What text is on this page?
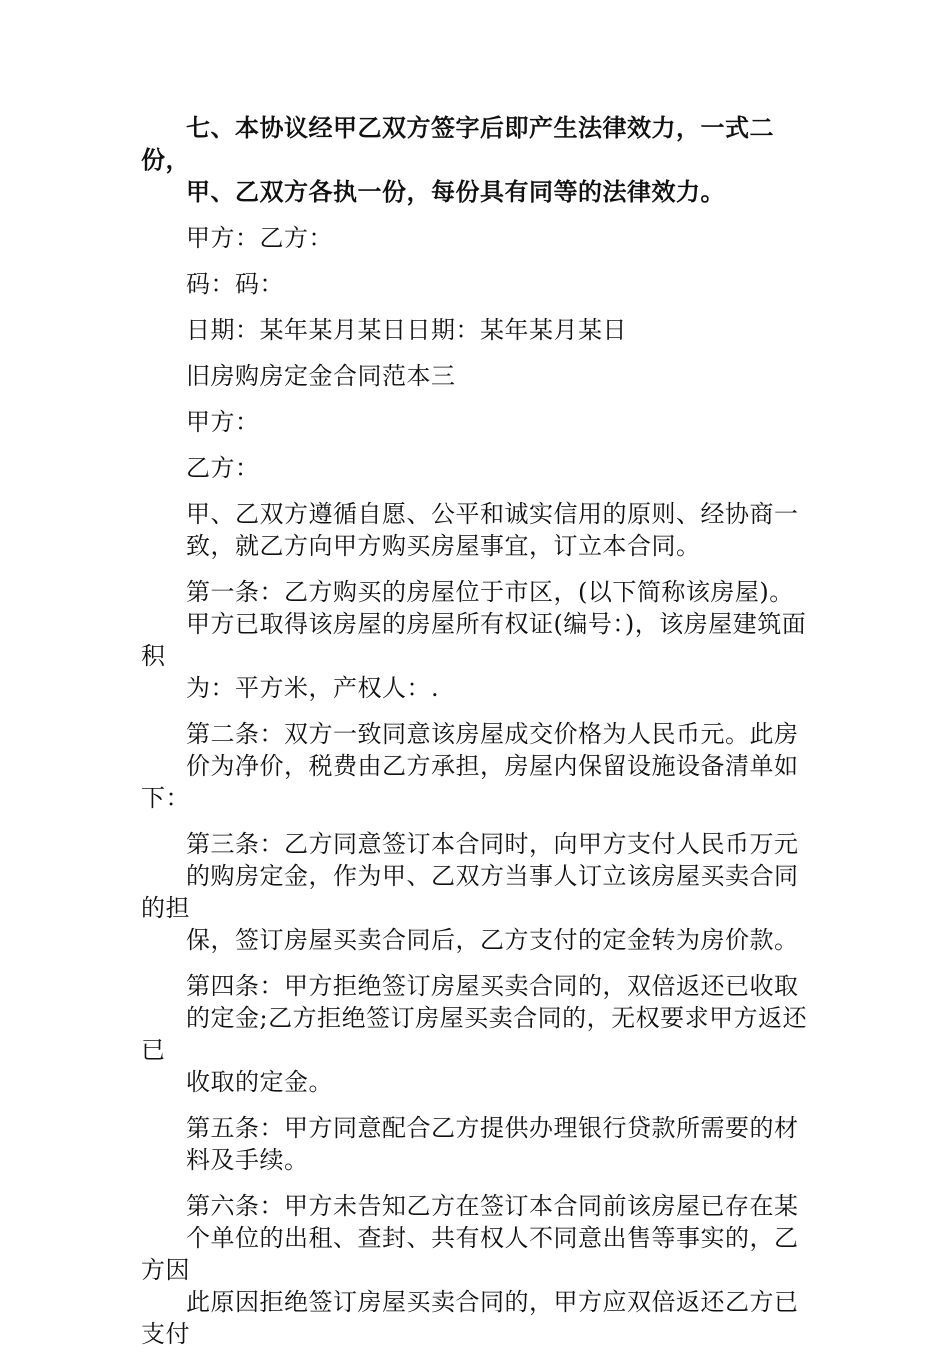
七、本协议经甲乙双方签字后即产生法律效力，一式二份，
甲、乙双方各执一份，每份具有同等的法律效力。

甲方：乙方：

码：码：

日期：某年某月某日日期：某年某月某日

旧房购房定金合同范本三

甲方：

乙方：

甲、乙双方遵循自愿、公平和诚实信用的原则、经协商一
致，就乙方向甲方购买房屋事宜，订立本合同。

第一条：乙方购买的房屋位于市区，(以下简称该房屋)。
甲方已取得该房屋的房屋所有权证(编号：)，该房屋建筑面积
为：平方米，产权人：.

第二条：双方一致同意该房屋成交价格为人民币元。此房
价为净价，税费由乙方承担，房屋内保留设施设备清单如下：

第三条：乙方同意签订本合同时，向甲方支付人民币万元
的购房定金，作为甲、乙双方当事人订立该房屋买卖合同的担
保，签订房屋买卖合同后，乙方支付的定金转为房价款。

第四条：甲方拒绝签订房屋买卖合同的，双倍返还已收取
的定金;乙方拒绝签订房屋买卖合同的，无权要求甲方返还已
收取的定金。

第五条：甲方同意配合乙方提供办理银行贷款所需要的材
料及手续。

第六条：甲方未告知乙方在签订本合同前该房屋已存在某
个单位的出租、查封、共有权人不同意出售等事实的，乙方因
此原因拒绝签订房屋买卖合同的，甲方应双倍返还乙方已支付
